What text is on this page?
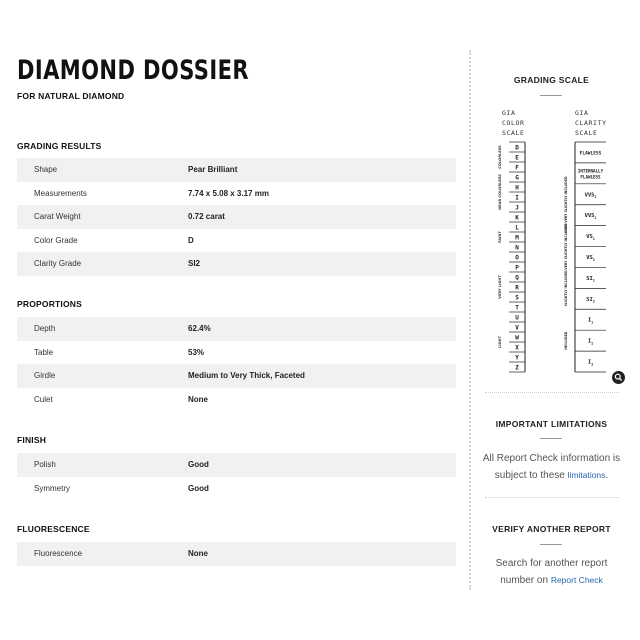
DIAMOND DOSSIER

FOR NATURAL DIAMOND

GRADING RESULTS

Shape	Pear Brilliant
Measurements	7.74 x 5.08 x 3.17 mm
Carat Weight	0.72 carat
Color Grade	D
Clarity Grade	SI2

PROPORTIONS

Depth	62.4%
Table	53%
Girdle	Medium to Very Thick, Faceted
Culet	None

FINISH

Polish	Good
Symmetry	Good

FLUORESCENCE

Fluorescence	None

GRADING SCALE

GIA
COLOR
SCALE
GIA
CLARITY
SCALE
D
E
F
G
H
I
J
K
L
M
N
O
P
Q
R
S
T
U
V
W
X
Y
Z
COLORLESS
NEAR COLORLESS
FAINT
VERY LIGHT
LIGHT
FLAWLESS
INTERNALLY
FLAWLESS
$VVS_1$
$VVS_2$
$VS_1$
$VS_2$
$SI_1$
$SI_2$
$I_1$
$I_2$
$I_3$
VERY VERY SLIGHTLY INCLUDED
VERY SLIGHTLY INCLUDED
SLIGHTLY INCLUDED
INCLUDED

IMPORTANT LIMITATIONS

All Report Check information is subject to these limitations.

VERIFY ANOTHER REPORT

Search for another report number on Report Check
